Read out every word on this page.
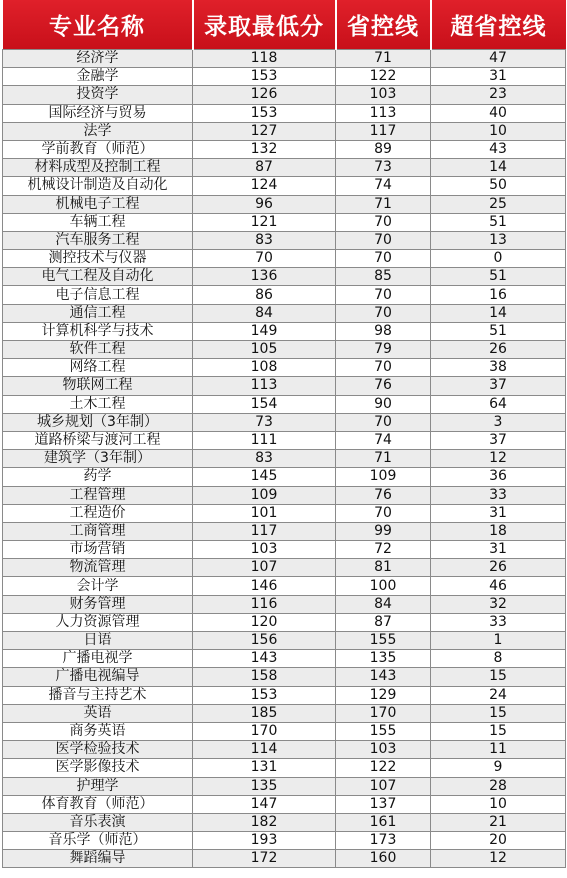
专业名称	录取最低分	省控线	超省控线
经济学	118	71	47
金融学	153	122	31
投资学	126	103	23
国际经济与贸易	153	113	40
法学	127	117	10
学前教育（师范）	132	89	43
材料成型及控制工程	87	73	14
机械设计制造及自动化	124	74	50
机械电子工程	96	71	25
车辆工程	121	70	51
汽车服务工程	83	70	13
测控技术与仪器	70	70	0
电气工程及自动化	136	85	51
电子信息工程	86	70	16
通信工程	84	70	14
计算机科学与技术	149	98	51
软件工程	105	79	26
网络工程	108	70	38
物联网工程	113	76	37
土木工程	154	90	64
城乡规划（3年制）	73	70	3
道路桥梁与渡河工程	111	74	37
建筑学（3年制）	83	71	12
药学	145	109	36
工程管理	109	76	33
工程造价	101	70	31
工商管理	117	99	18
市场营销	103	72	31
物流管理	107	81	26
会计学	146	100	46
财务管理	116	84	32
人力资源管理	120	87	33
日语	156	155	1
广播电视学	143	135	8
广播电视编导	158	143	15
播音与主持艺术	153	129	24
英语	185	170	15
商务英语	170	155	15
医学检验技术	114	103	11
医学影像技术	131	122	9
护理学	135	107	28
体育教育（师范）	147	137	10
音乐表演	182	161	21
音乐学（师范）	193	173	20
舞蹈编导	172	160	12
